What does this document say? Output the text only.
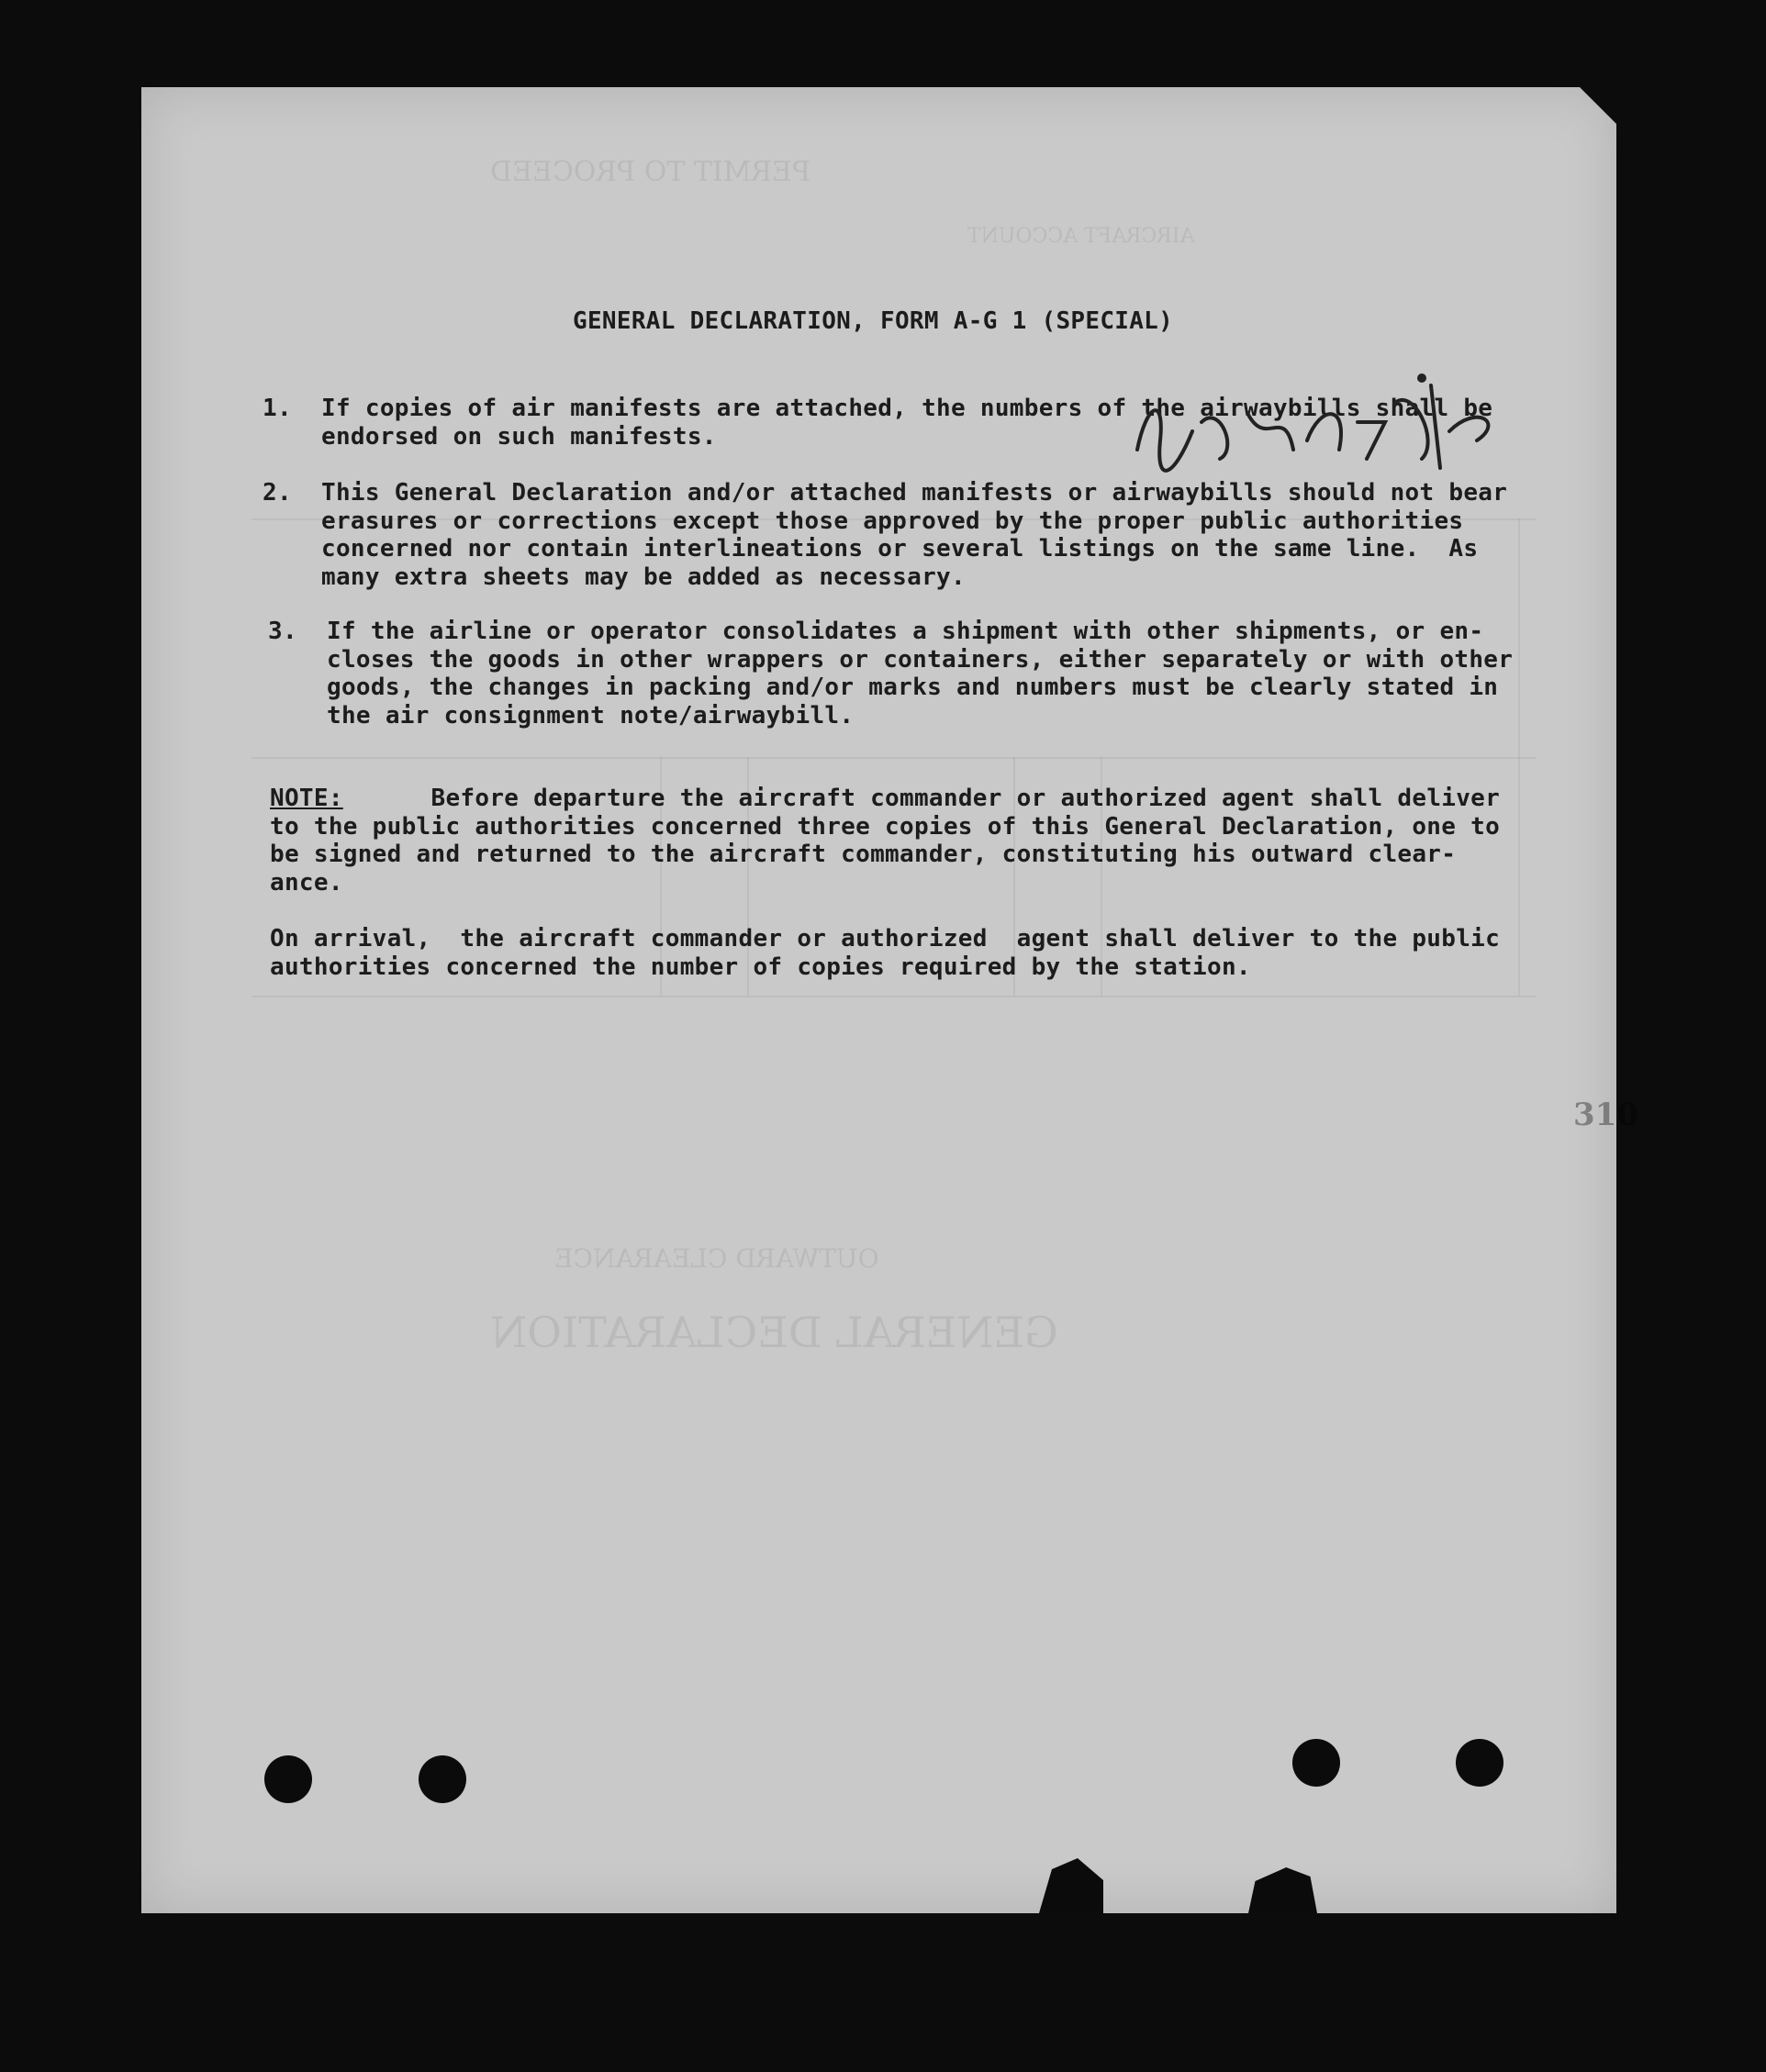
PERMIT TO PROCEED
AIRCRAFT ACCOUNT
OUTWARD CLEARANCE
GENERAL DECLARATION
310
GENERAL DECLARATION, FORM A-G 1 (SPECIAL)
1.	If copies of air manifests are attached, the numbers of the airwaybills shall be
endorsed on such manifests.
2.	This General Declaration and/or attached manifests or airwaybills should not bear
erasures or corrections except those approved by the proper public authorities
concerned nor contain interlineations or several listings on the same line.  As
many extra sheets may be added as necessary.
3.	If the airline or operator consolidates a shipment with other shipments, or en-
closes the goods in other wrappers or containers, either separately or with other
goods, the changes in packing and/or marks and numbers must be clearly stated in
the air consignment note/airwaybill.
NOTE:      Before departure the aircraft commander or authorized agent shall deliver
to the public authorities concerned three copies of this General Declaration, one to
be signed and returned to the aircraft commander, constituting his outward clear-
ance.
On arrival,  the aircraft commander or authorized  agent shall deliver to the public
authorities concerned the number of copies required by the station.
